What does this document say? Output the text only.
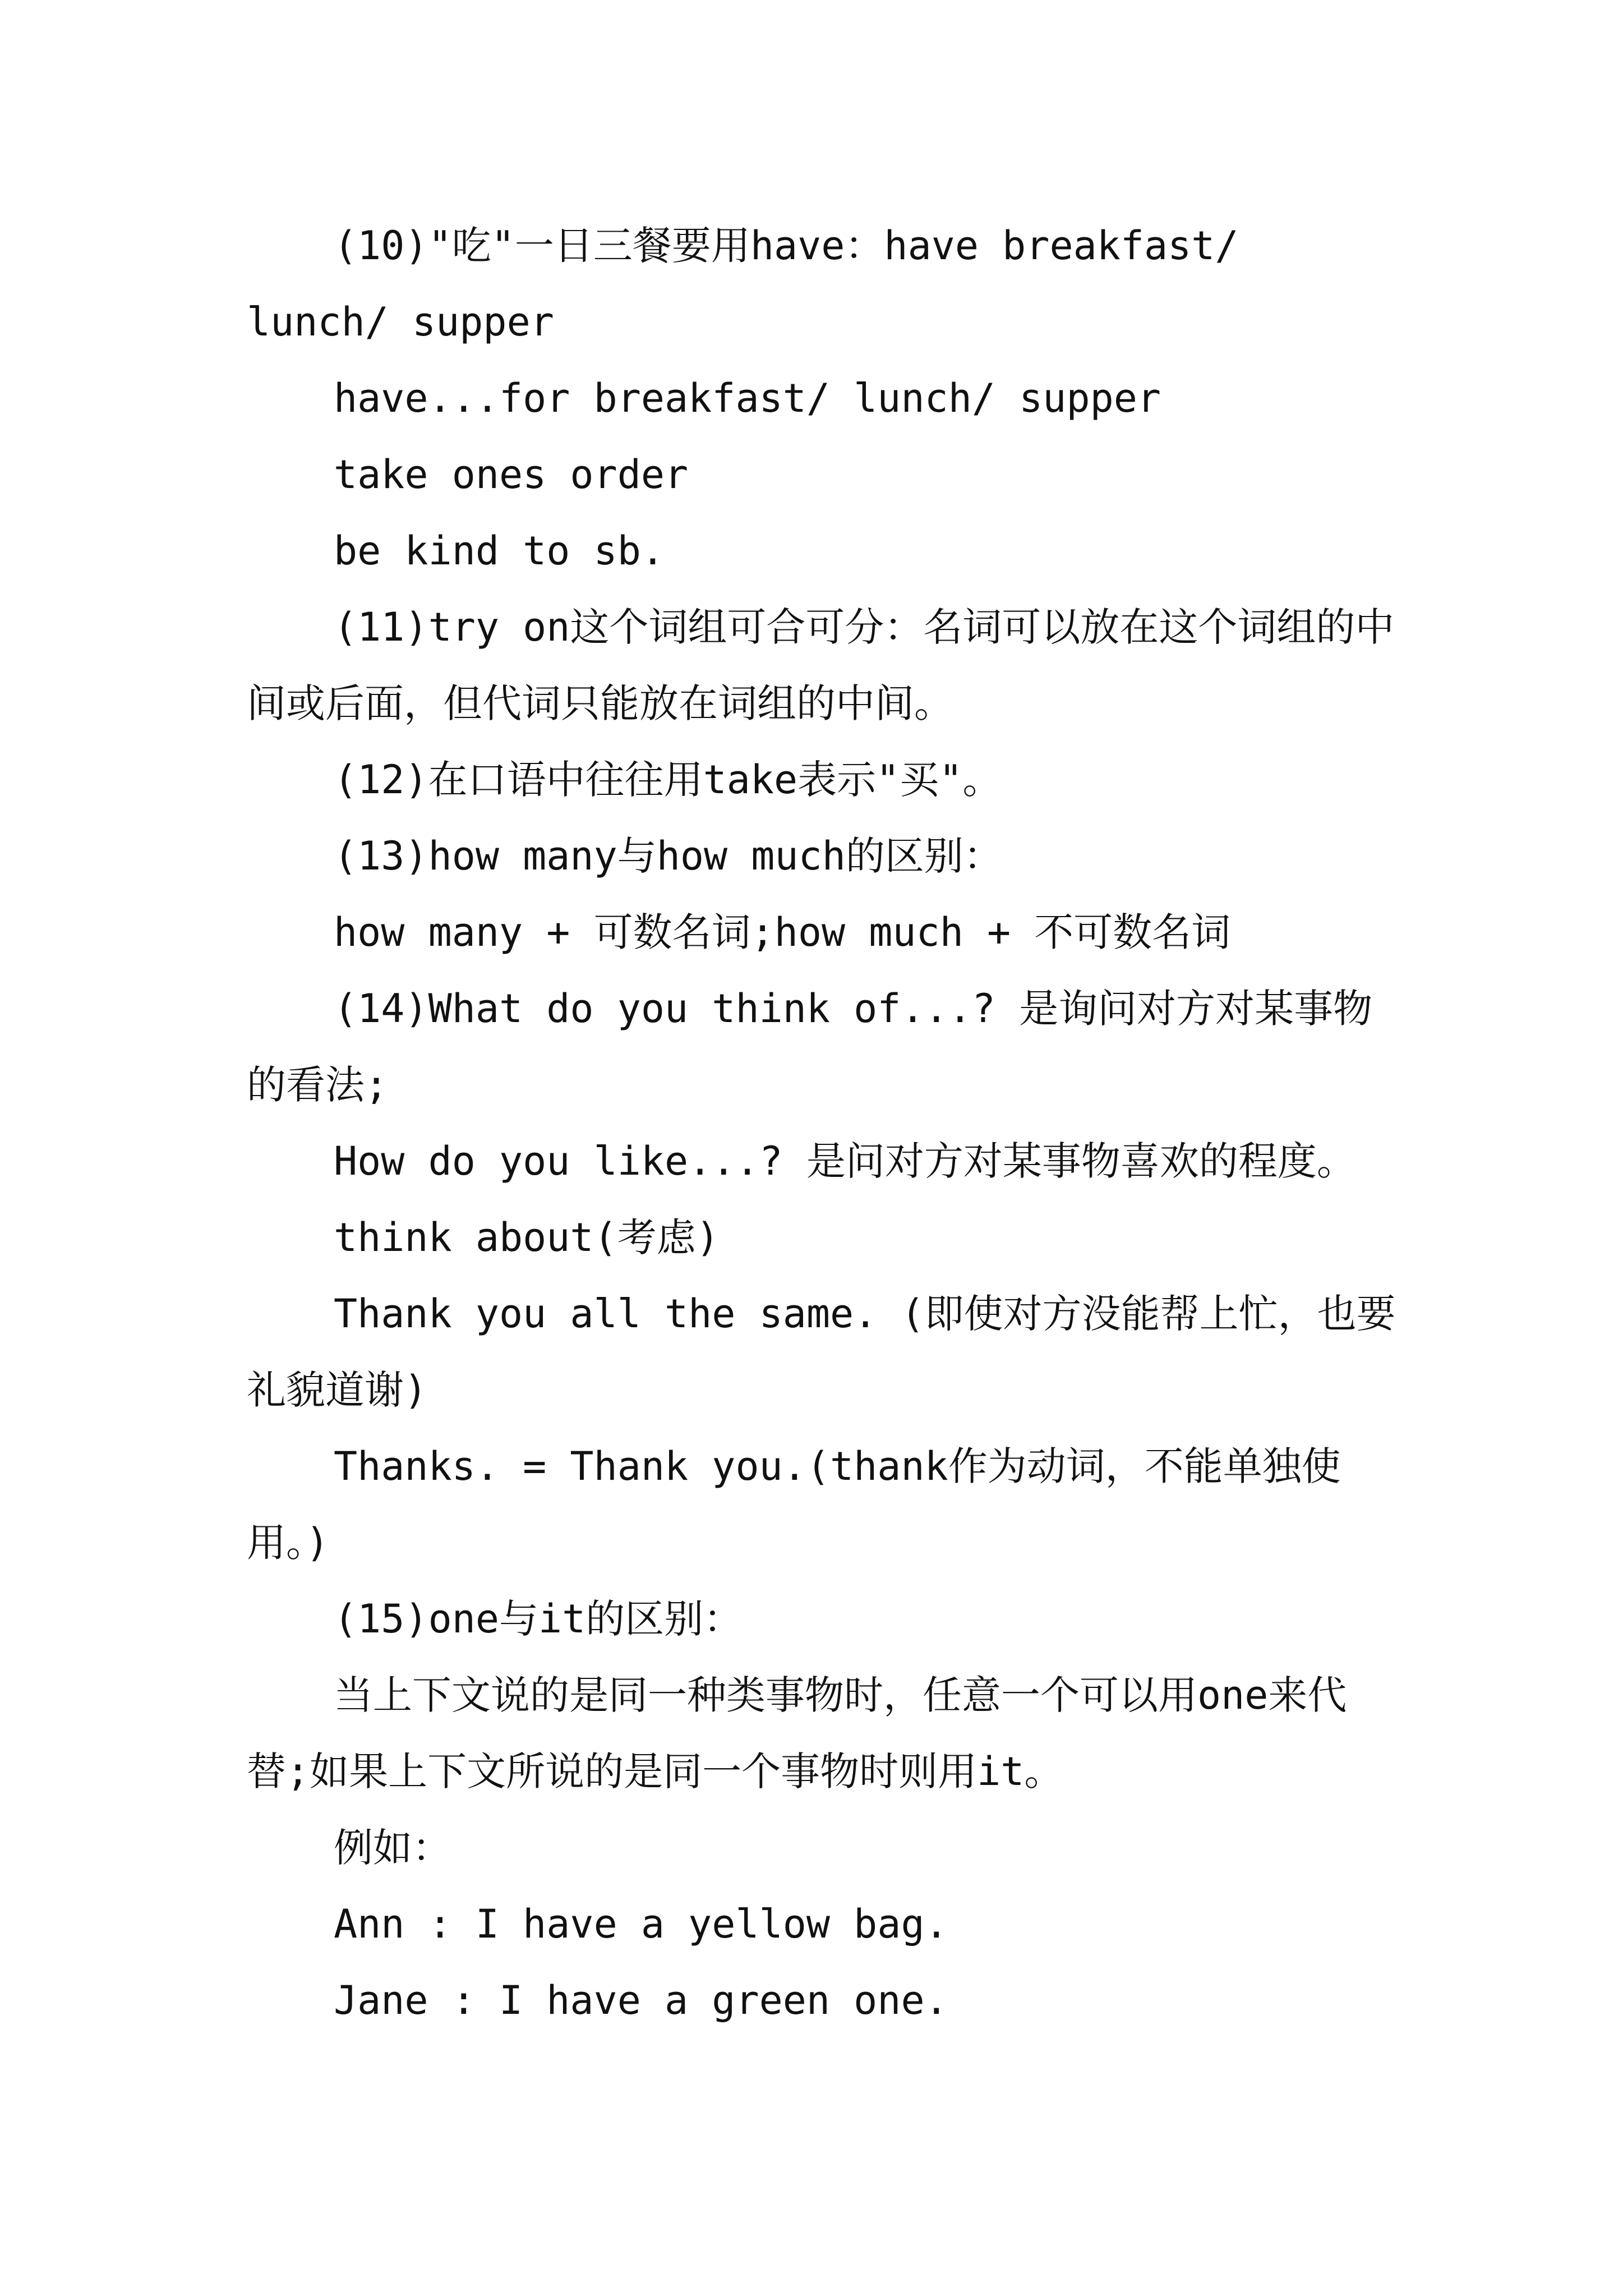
(10)"吃"一日三餐要用have：have breakfast/ lunch/ supper

have...for breakfast/ lunch/ supper

take ones order

be kind to sb.

(11)try on这个词组可合可分：名词可以放在这个词组的中间或后面，但代词只能放在词组的中间。

(12)在口语中往往用take表示"买"。

(13)how many与how much的区别：

how many + 可数名词;how much + 不可数名词

(14)What do you think of...? 是询问对方对某事物的看法;

How do you like...? 是问对方对某事物喜欢的程度。

think about(考虑)

Thank you all the same. (即使对方没能帮上忙，也要礼貌道谢)

Thanks. = Thank you.(thank作为动词，不能单独使用。)

(15)one与it的区别：

当上下文说的是同一种类事物时，任意一个可以用one来代替;如果上下文所说的是同一个事物时则用it。

例如：

Ann : I have a yellow bag.

Jane : I have a green one.
